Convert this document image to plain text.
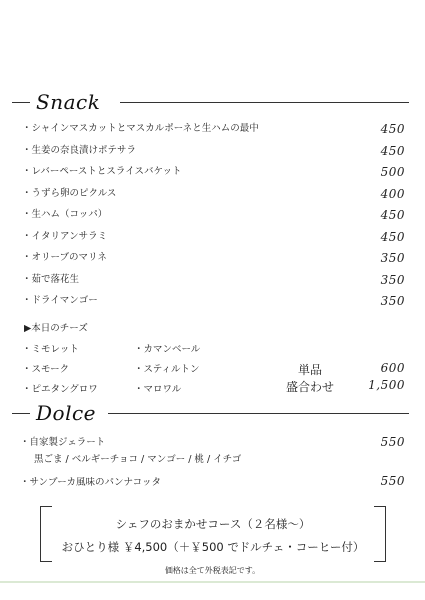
Snack
・シャインマスカットとマスカルポーネと生ハムの最中	450
・生姜の奈良漬けポテサラ	450
・レバーペーストとスライスバケット	500
・うずら卵のピクルス	400
・生ハム（コッパ）	450
・イタリアンサラミ	450
・オリーブのマリネ	350
・茹で落花生	350
・ドライマンゴー	350
▶本日のチーズ
・ミモレット
・スモーク
・ピエタングロワ
・カマンベール
・スティルトン
・マロワル
単品	600
盛合わせ	1,500
Dolce
・自家製ジェラート	550
黒ごま / ベルギーチョコ / マンゴー / 桃 / イチゴ
・サンブーカ風味のパンナコッタ	550
シェフのおまかせコース（２名様～）
おひとり様 ￥4,500（＋￥500 でドルチェ・コーヒー付）
価格は全て外税表記です。
